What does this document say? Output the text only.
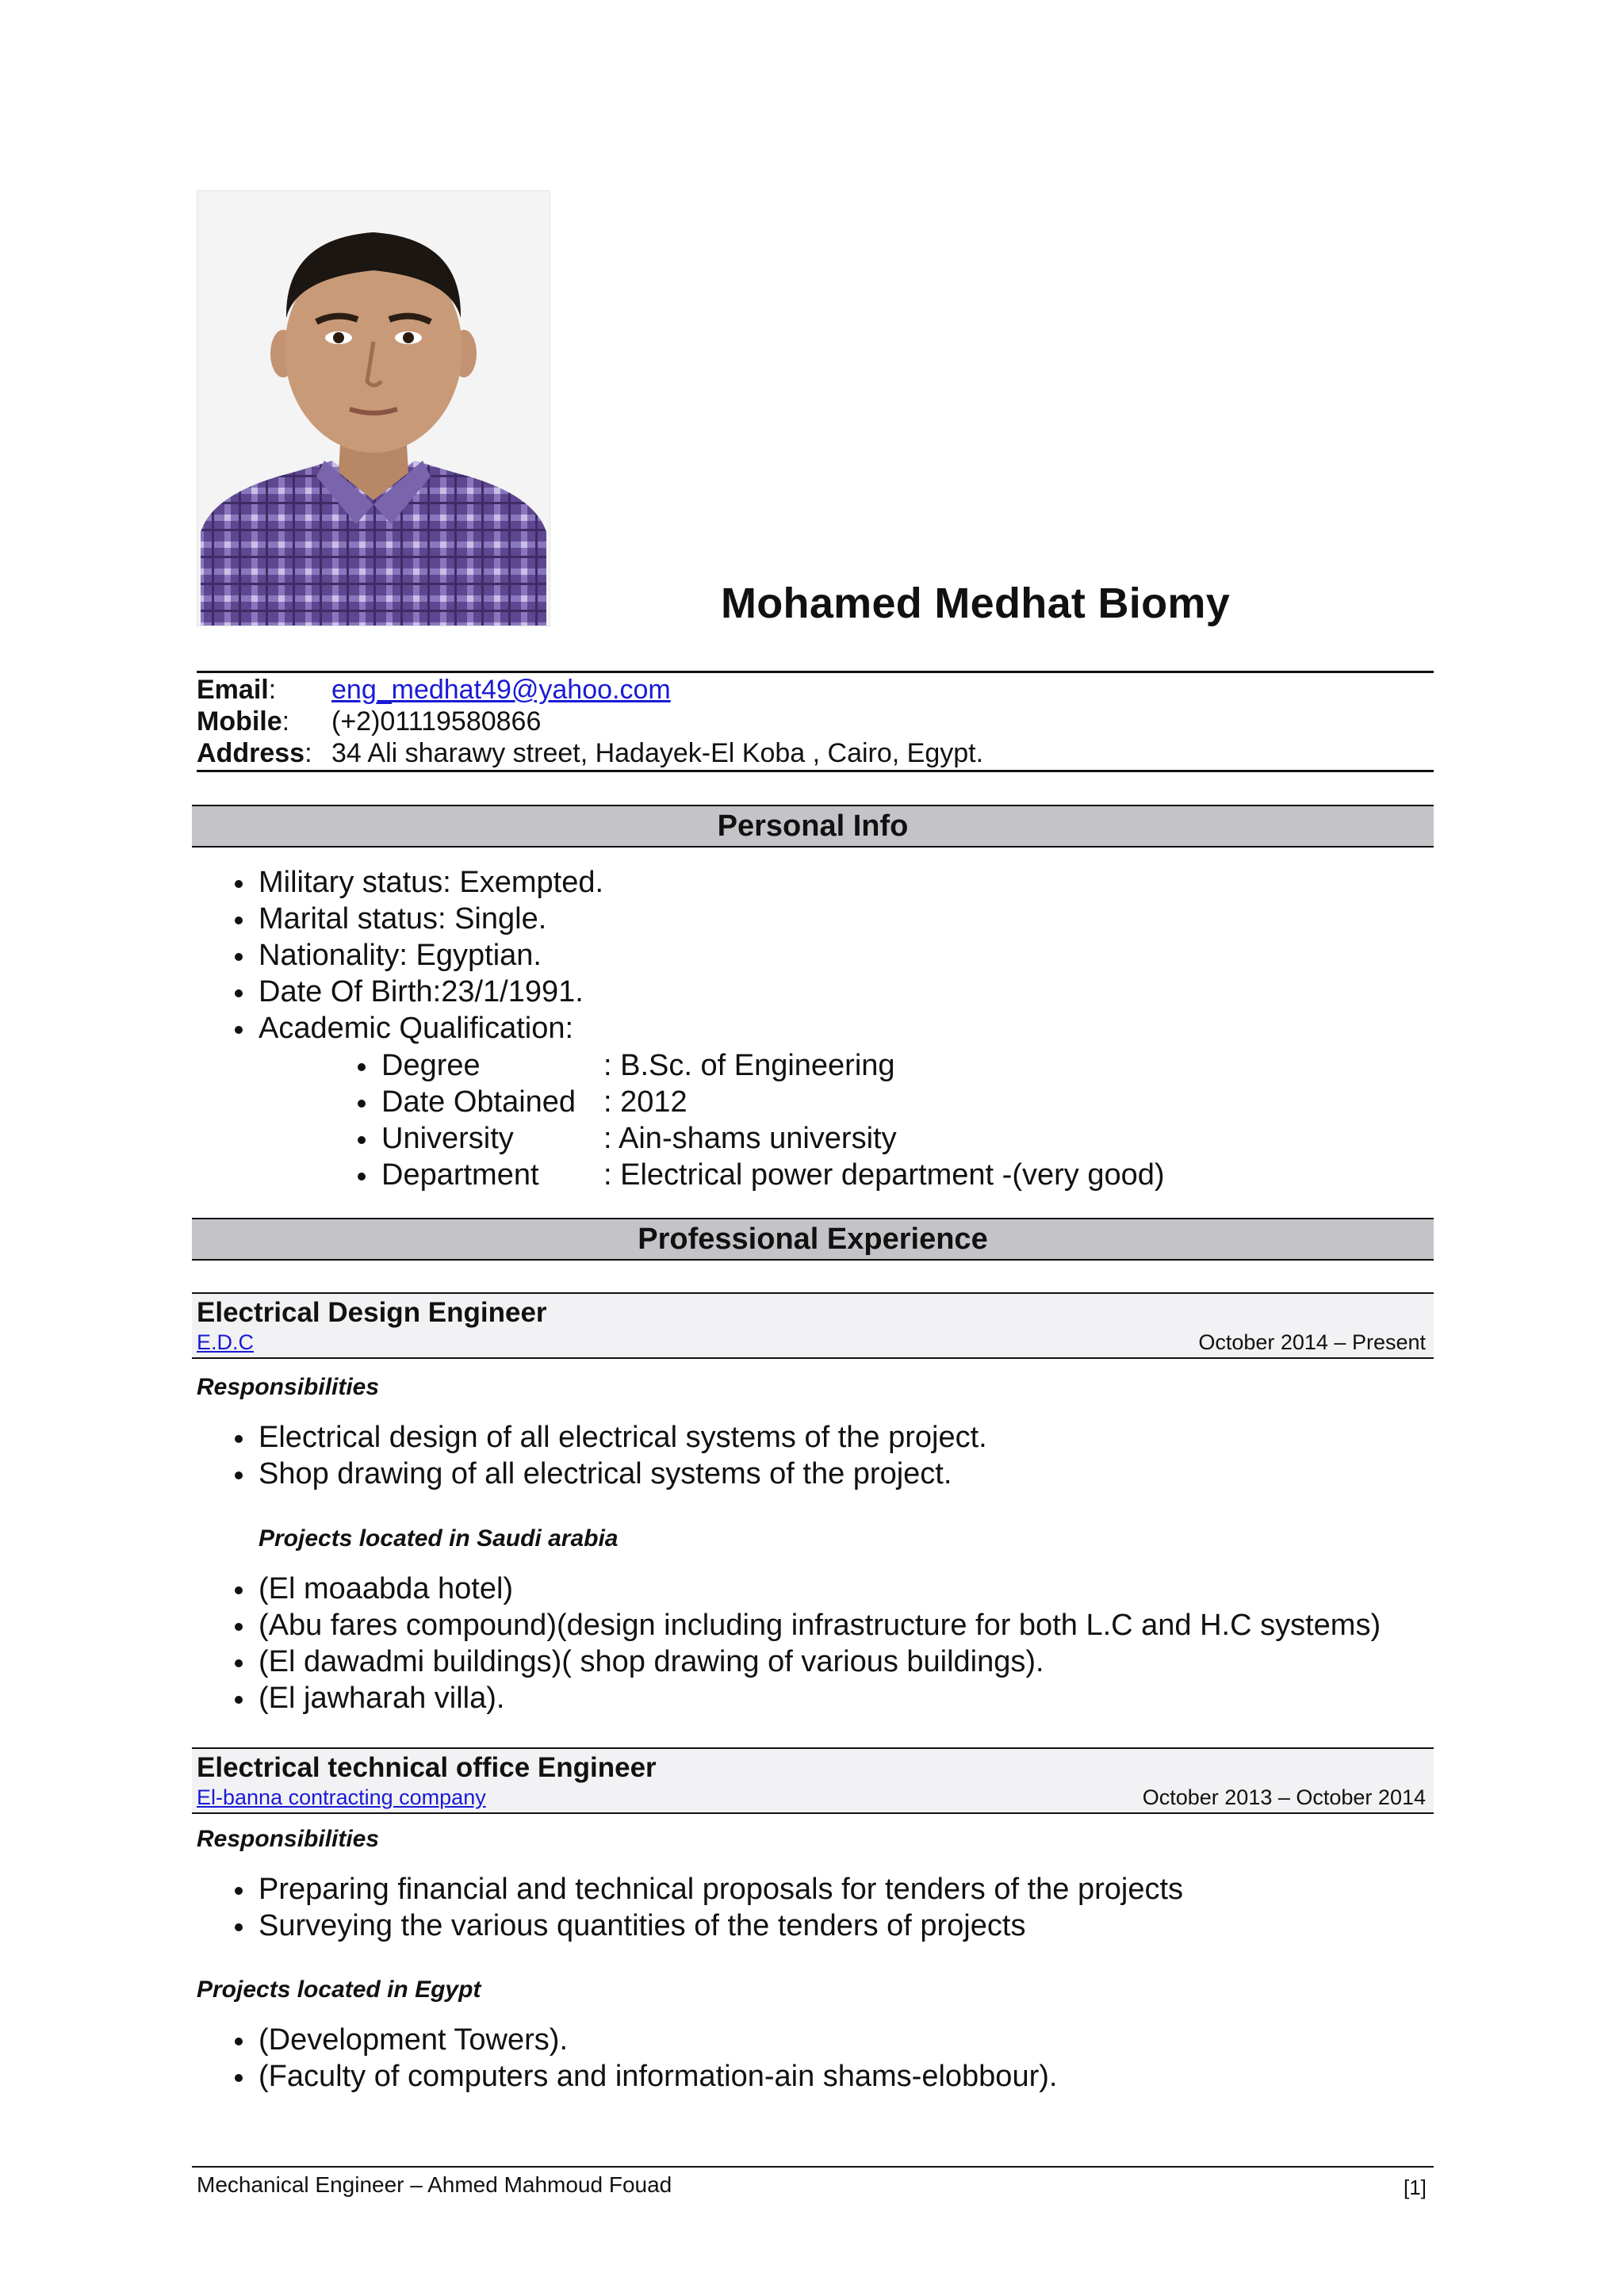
Mohamed Medhat Biomy
Email: eng_medhat49@yahoo.com
Mobile: (+2)01119580866
Address: 34 Ali sharawy street, Hadayek-El Koba , Cairo, Egypt.
Personal Info
Military status: Exempted.
Marital status: Single.
Nationality: Egyptian.
Date Of Birth:23/1/1991.
Academic Qualification:
Degree	: B.Sc. of Engineering
Date Obtained : 2012
University	: Ain-shams university
Department : Electrical power department -(very good)
Professional Experience
Electrical Design Engineer
E.D.C	October 2014 – Present
Responsibilities
Electrical design of all electrical systems of the project.
Shop drawing of all electrical systems of the project.
Projects located in Saudi arabia
(El moaabda hotel)
(Abu fares compound)(design including infrastructure for both L.C and H.C systems)
(El dawadmi buildings)( shop drawing of various buildings).
(El jawharah villa).
Electrical technical office Engineer
El-banna contracting company	October 2013 – October 2014
Responsibilities
Preparing financial and technical proposals for tenders of the projects
Surveying the various quantities of the tenders of projects
Projects located in Egypt
(Development Towers).
(Faculty of computers and information-ain shams-elobbour).
Mechanical Engineer – Ahmed Mahmoud Fouad	[1]
